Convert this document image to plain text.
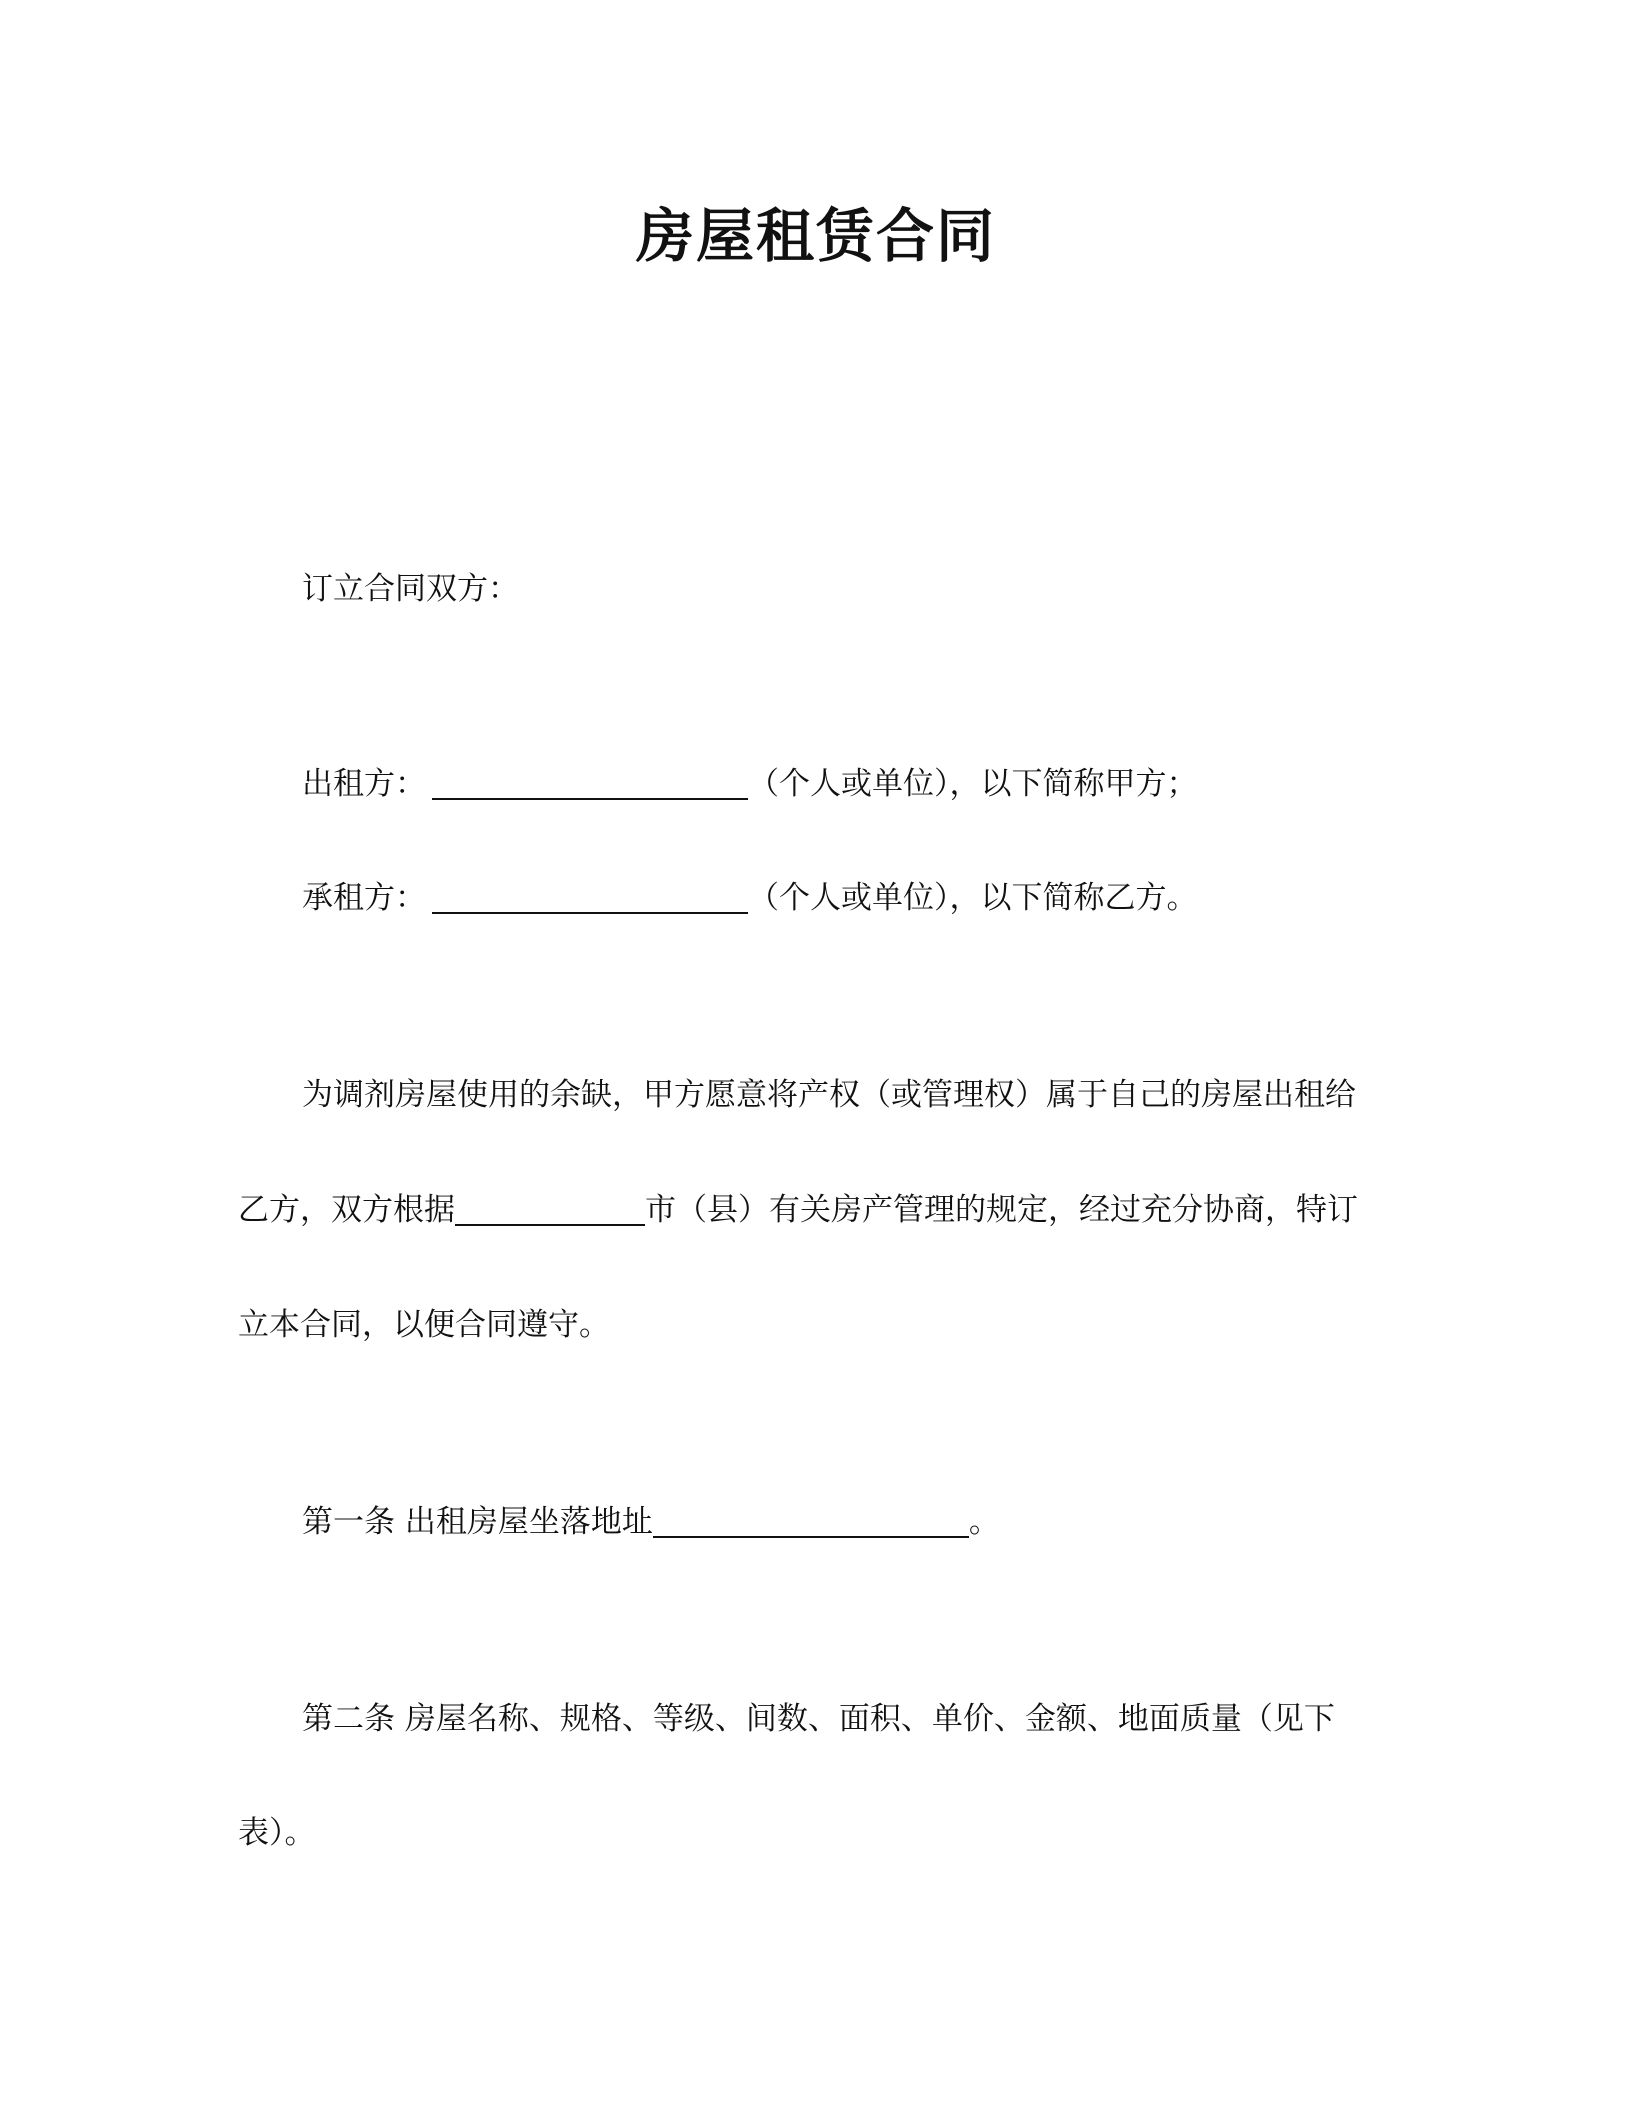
房屋租赁合同
订立合同双方：
出租方：	（个人或单位），以下简称甲方；
承租方：	（个人或单位），以下简称乙方。
为调剂房屋使用的余缺，甲方愿意将产权（或管理权）属于自己的房屋出租给
乙方，双方根据	市（县）有关房产管理的规定，经过充分协商，特订
立本合同，以便合同遵守。
第一条 出租房屋坐落地址	。
第二条 房屋名称、规格、等级、间数、面积、单价、金额、地面质量（见下
表）。
